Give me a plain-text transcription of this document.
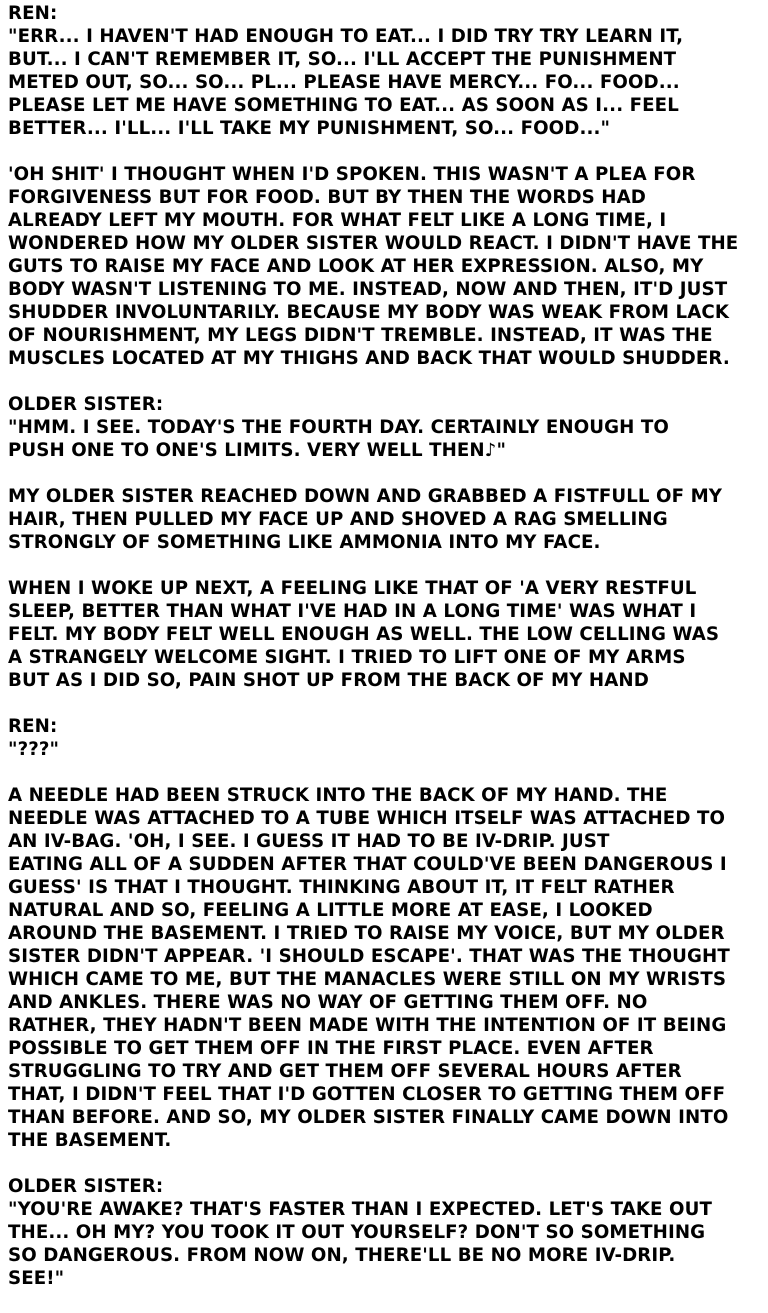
REN:
"ERR... I HAVEN'T HAD ENOUGH TO EAT... I DID TRY TRY LEARN IT,
BUT... I CAN'T REMEMBER IT, SO... I'LL ACCEPT THE PUNISHMENT
METED OUT, SO... SO... PL... PLEASE HAVE MERCY... FO... FOOD...
PLEASE LET ME HAVE SOMETHING TO EAT... AS SOON AS I... FEEL
BETTER... I'LL... I'LL TAKE MY PUNISHMENT, SO... FOOD..."
'OH SHIT' I THOUGHT WHEN I'D SPOKEN. THIS WASN'T A PLEA FOR
FORGIVENESS BUT FOR FOOD. BUT BY THEN THE WORDS HAD
ALREADY LEFT MY MOUTH. FOR WHAT FELT LIKE A LONG TIME, I
WONDERED HOW MY OLDER SISTER WOULD REACT. I DIDN'T HAVE THE
GUTS TO RAISE MY FACE AND LOOK AT HER EXPRESSION. ALSO, MY
BODY WASN'T LISTENING TO ME. INSTEAD, NOW AND THEN, IT'D JUST
SHUDDER INVOLUNTARILY. BECAUSE MY BODY WAS WEAK FROM LACK
OF NOURISHMENT, MY LEGS DIDN'T TREMBLE. INSTEAD, IT WAS THE
MUSCLES LOCATED AT MY THIGHS AND BACK THAT WOULD SHUDDER.
OLDER SISTER:
"HMM. I SEE. TODAY'S THE FOURTH DAY. CERTAINLY ENOUGH TO
PUSH ONE TO ONE'S LIMITS. VERY WELL THEN♪"
MY OLDER SISTER REACHED DOWN AND GRABBED A FISTFULL OF MY
HAIR, THEN PULLED MY FACE UP AND SHOVED A RAG SMELLING
STRONGLY OF SOMETHING LIKE AMMONIA INTO MY FACE.
WHEN I WOKE UP NEXT, A FEELING LIKE THAT OF 'A VERY RESTFUL
SLEEP, BETTER THAN WHAT I'VE HAD IN A LONG TIME' WAS WHAT I
FELT. MY BODY FELT WELL ENOUGH AS WELL. THE LOW CELLING WAS
A STRANGELY WELCOME SIGHT. I TRIED TO LIFT ONE OF MY ARMS
BUT AS I DID SO, PAIN SHOT UP FROM THE BACK OF MY HAND
REN:
"???"
A NEEDLE HAD BEEN STRUCK INTO THE BACK OF MY HAND. THE
NEEDLE WAS ATTACHED TO A TUBE WHICH ITSELF WAS ATTACHED TO
AN IV-BAG. 'OH, I SEE. I GUESS IT HAD TO BE IV-DRIP. JUST
EATING ALL OF A SUDDEN AFTER THAT COULD'VE BEEN DANGEROUS I
GUESS' IS THAT I THOUGHT. THINKING ABOUT IT, IT FELT RATHER
NATURAL AND SO, FEELING A LITTLE MORE AT EASE, I LOOKED
AROUND THE BASEMENT. I TRIED TO RAISE MY VOICE, BUT MY OLDER
SISTER DIDN'T APPEAR. 'I SHOULD ESCAPE'. THAT WAS THE THOUGHT
WHICH CAME TO ME, BUT THE MANACLES WERE STILL ON MY WRISTS
AND ANKLES. THERE WAS NO WAY OF GETTING THEM OFF. NO
RATHER, THEY HADN'T BEEN MADE WITH THE INTENTION OF IT BEING
POSSIBLE TO GET THEM OFF IN THE FIRST PLACE. EVEN AFTER
STRUGGLING TO TRY AND GET THEM OFF SEVERAL HOURS AFTER
THAT, I DIDN'T FEEL THAT I'D GOTTEN CLOSER TO GETTING THEM OFF
THAN BEFORE. AND SO, MY OLDER SISTER FINALLY CAME DOWN INTO
THE BASEMENT.
OLDER SISTER:
"YOU'RE AWAKE? THAT'S FASTER THAN I EXPECTED. LET'S TAKE OUT
THE... OH MY? YOU TOOK IT OUT YOURSELF? DON'T SO SOMETHING
SO DANGEROUS. FROM NOW ON, THERE'LL BE NO MORE IV-DRIP.
SEE!"
